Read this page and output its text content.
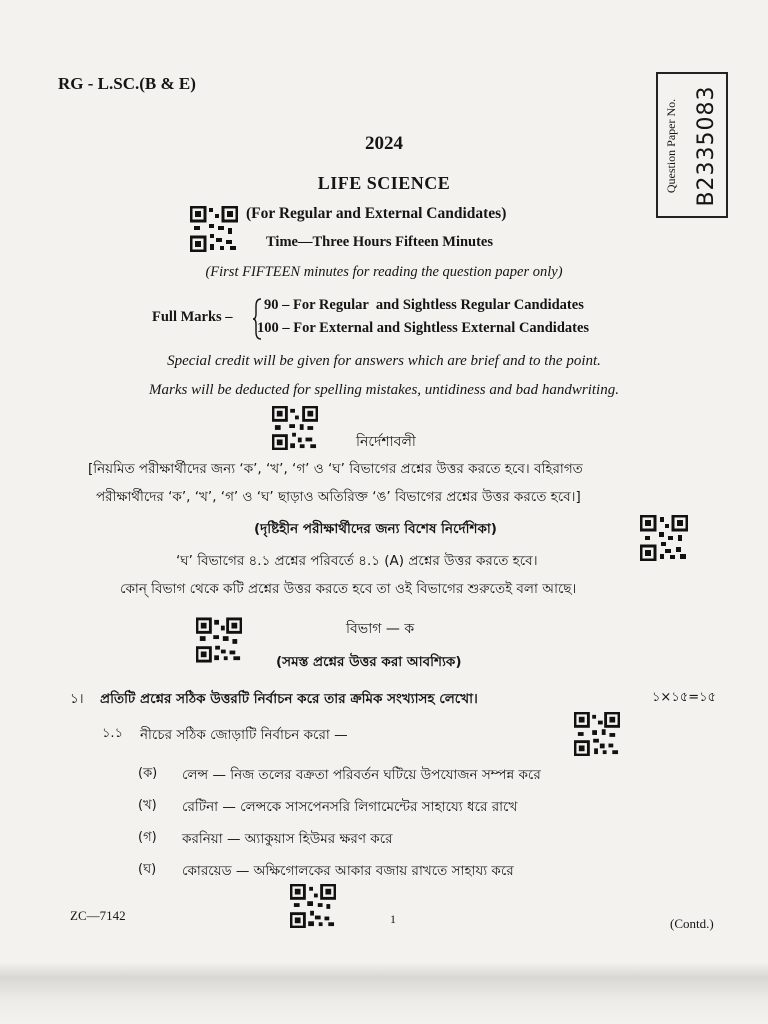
RG - L.SC.(B & E)
Question Paper No. B2335083
2024
LIFE SCIENCE
(For Regular and External Candidates)
Time—Three Hours Fifteen Minutes
(First FIFTEEN minutes for reading the question paper only)
Full Marks –
90 – For Regular  and Sightless Regular Candidates
100 – For External and Sightless External Candidates
Special credit will be given for answers which are brief and to the point.
Marks will be deducted for spelling mistakes, untidiness and bad handwriting.
নির্দেশাবলী
[নিয়মিত পরীক্ষার্থীদের জন্য ‘ক’, ‘খ’, ‘গ’ ও ‘ঘ’ বিভাগের প্রশ্নের উত্তর করতে হবে। বহিরাগত
পরীক্ষার্থীদের ‘ক’, ‘খ’, ‘গ’ ও ‘ঘ’ ছাড়াও অতিরিক্ত ‘ঙ’ বিভাগের প্রশ্নের উত্তর করতে হবে।]
(দৃষ্টিহীন পরীক্ষার্থীদের জন্য বিশেষ নির্দেশিকা)
‘ঘ’ বিভাগের ৪.১ প্রশ্নের পরিবর্তে ৪.১ (A) প্রশ্নের উত্তর করতে হবে।
কোন্ বিভাগ থেকে কটি প্রশ্নের উত্তর করতে হবে তা ওই বিভাগের শুরুতেই বলা আছে।
বিভাগ — ক
(সমস্ত প্রশ্নের উত্তর করা আবশ্যিক)
১। প্রতিটি প্রশ্নের সঠিক উত্তরটি নির্বাচন করে তার ক্রমিক সংখ্যাসহ লেখো।	১×১৫=১৫
১.১ নীচের সঠিক জোড়াটি নির্বাচন করো —
(ক) লেন্স — নিজ তলের বক্রতা পরিবর্তন ঘটিয়ে উপযোজন সম্পন্ন করে
(খ) রেটিনা — লেন্সকে সাসপেনসরি লিগামেন্টের সাহায্যে ধরে রাখে
(গ) করনিয়া — অ্যাকুয়াস হিউমর ক্ষরণ করে
(ঘ) কোরয়েড — অক্ষিগোলকের আকার বজায় রাখতে সাহায্য করে
ZC—7142	1	(Contd.)
